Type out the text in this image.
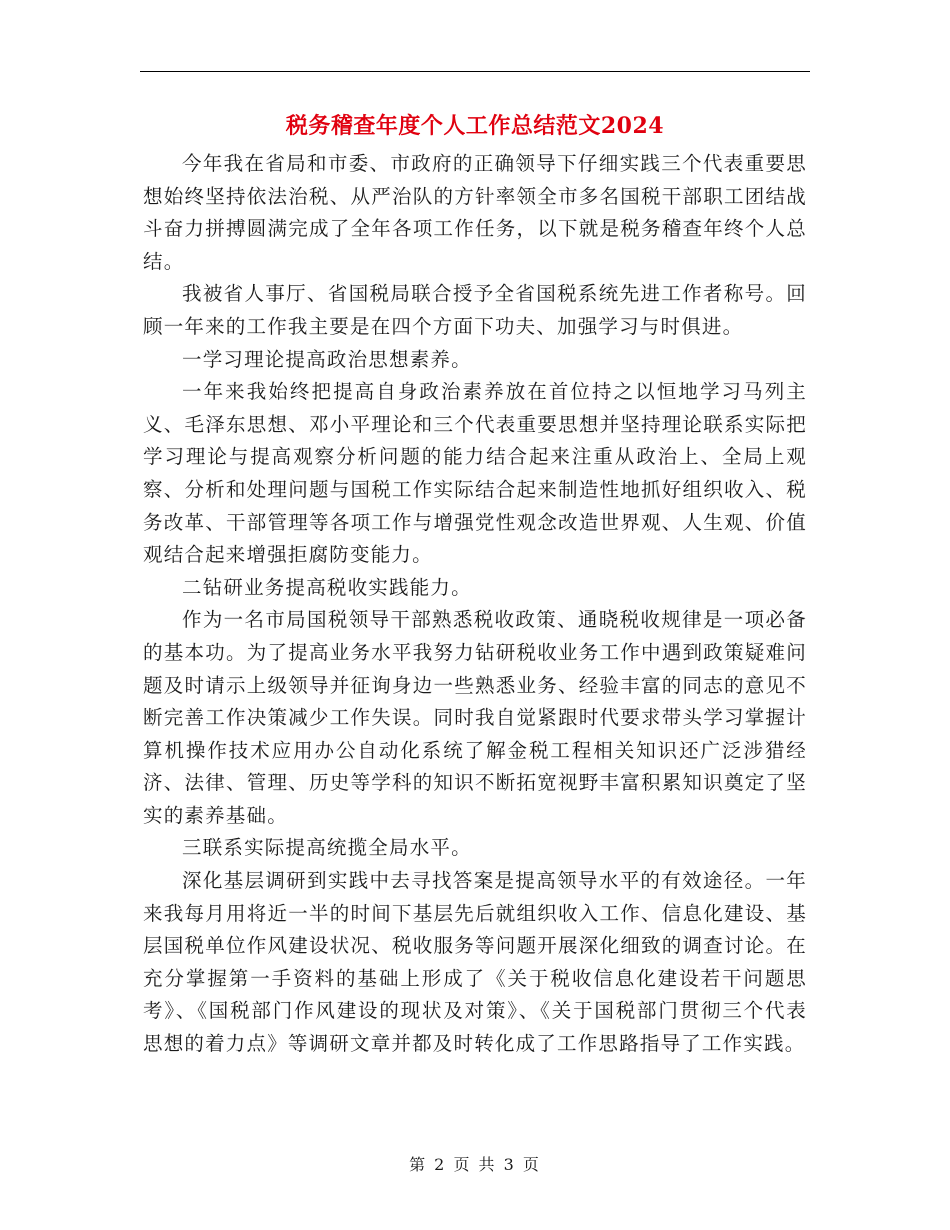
税务稽查年度个人工作总结范文2024

今年我在省局和市委、市政府的正确领导下仔细实践三个代表重要思想始终坚持依法治税、从严治队的方针率领全市多名国税干部职工团结战斗奋力拼搏圆满完成了全年各项工作任务，以下就是税务稽查年终个人总结。

我被省人事厅、省国税局联合授予全省国税系统先进工作者称号。回顾一年来的工作我主要是在四个方面下功夫、加强学习与时俱进。

一学习理论提高政治思想素养。

一年来我始终把提高自身政治素养放在首位持之以恒地学习马列主义、毛泽东思想、邓小平理论和三个代表重要思想并坚持理论联系实际把学习理论与提高观察分析问题的能力结合起来注重从政治上、全局上观察、分析和处理问题与国税工作实际结合起来制造性地抓好组织收入、税务改革、干部管理等各项工作与增强党性观念改造世界观、人生观、价值观结合起来增强拒腐防变能力。

二钻研业务提高税收实践能力。

作为一名市局国税领导干部熟悉税收政策、通晓税收规律是一项必备的基本功。为了提高业务水平我努力钻研税收业务工作中遇到政策疑难问题及时请示上级领导并征询身边一些熟悉业务、经验丰富的同志的意见不断完善工作决策减少工作失误。同时我自觉紧跟时代要求带头学习掌握计算机操作技术应用办公自动化系统了解金税工程相关知识还广泛涉猎经济、法律、管理、历史等学科的知识不断拓宽视野丰富积累知识奠定了坚实的素养基础。

三联系实际提高统揽全局水平。

深化基层调研到实践中去寻找答案是提高领导水平的有效途径。一年来我每月用将近一半的时间下基层先后就组织收入工作、信息化建设、基层国税单位作风建设状况、税收服务等问题开展深化细致的调查讨论。在充分掌握第一手资料的基础上形成了《关于税收信息化建设若干问题思考》、《国税部门作风建设的现状及对策》、《关于国税部门贯彻三个代表思想的着力点》等调研文章并都及时转化成了工作思路指导了工作实践。

第 2 页 共 3 页
